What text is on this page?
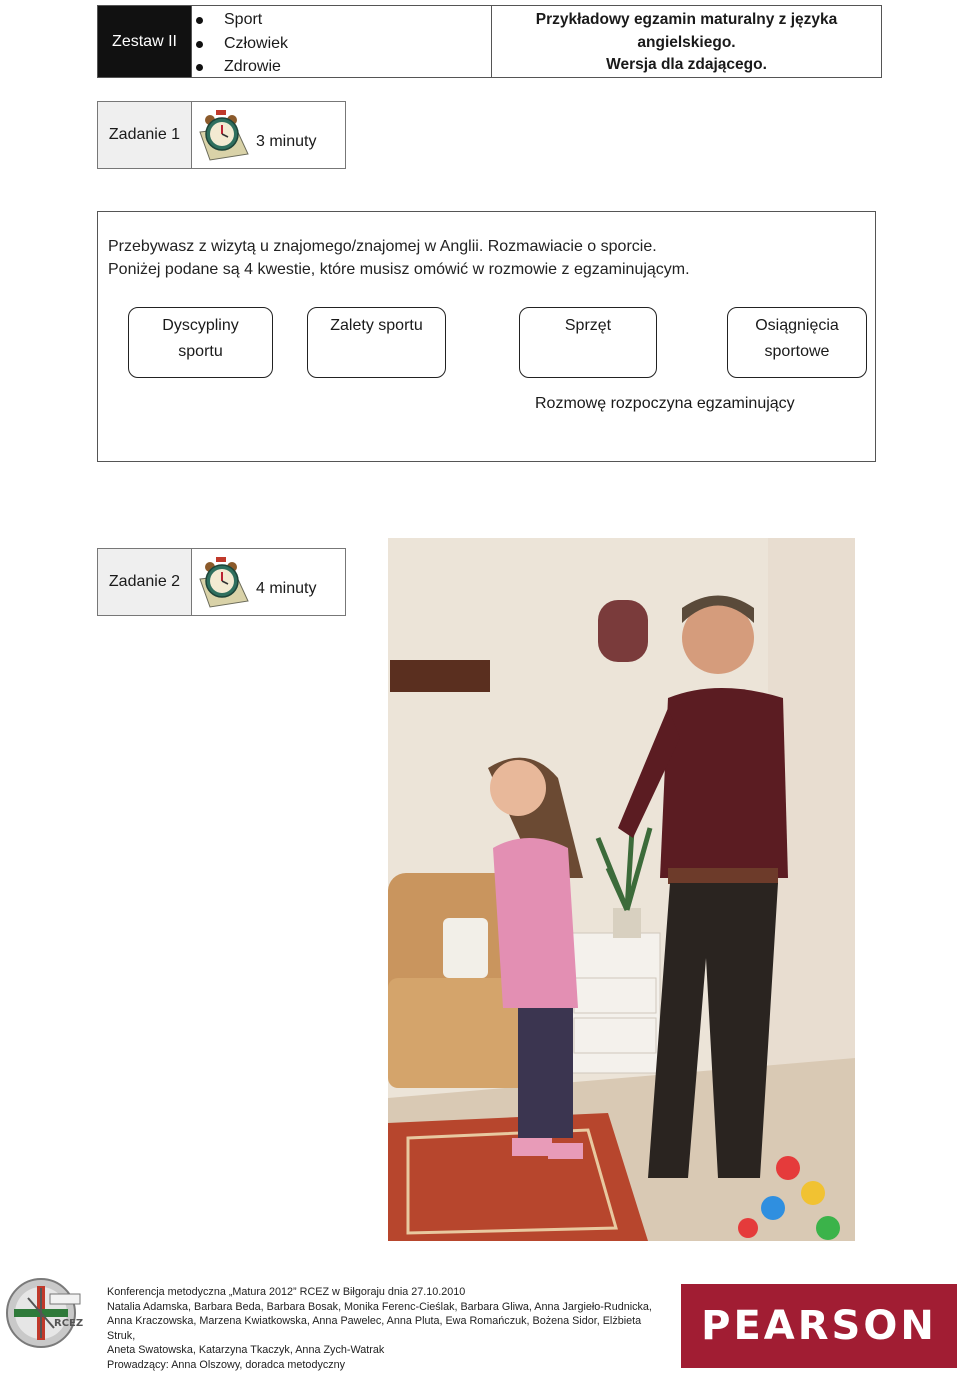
Zestaw II
Sport
Człowiek
Zdrowie
Przykładowy egzamin maturalny z języka
angielskiego.
Wersja dla zdającego.
Zadanie 1	3 minuty
Przebywasz z wizytą u znajomego/znajomej w Anglii. Rozmawiacie o sporcie.
Poniżej podane są 4 kwestie, które musisz omówić w rozmowie z egzaminującym.
Dyscypliny
sportu
Zalety sportu	Sprzęt	Osiągnięcia
sportowe
Rozmowę rozpoczyna egzaminujący
Zadanie 2	4 minuty
RCEZ
Konferencja metodyczna „Matura 2012” RCEZ w Biłgoraju dnia 27.10.2010
Natalia Adamska, Barbara Beda, Barbara Bosak, Monika Ferenc-Cieślak, Barbara Gliwa, Anna Jargieło-Rudnicka,
Anna Kraczowska, Marzena Kwiatkowska, Anna Pawelec, Anna Pluta, Ewa Romańczuk, Bożena Sidor, Elżbieta Struk,
Aneta Swatowska, Katarzyna Tkaczyk, Anna Zych-Watrak
Prowadzący: Anna Olszowy, doradca metodyczny
PEARSON
